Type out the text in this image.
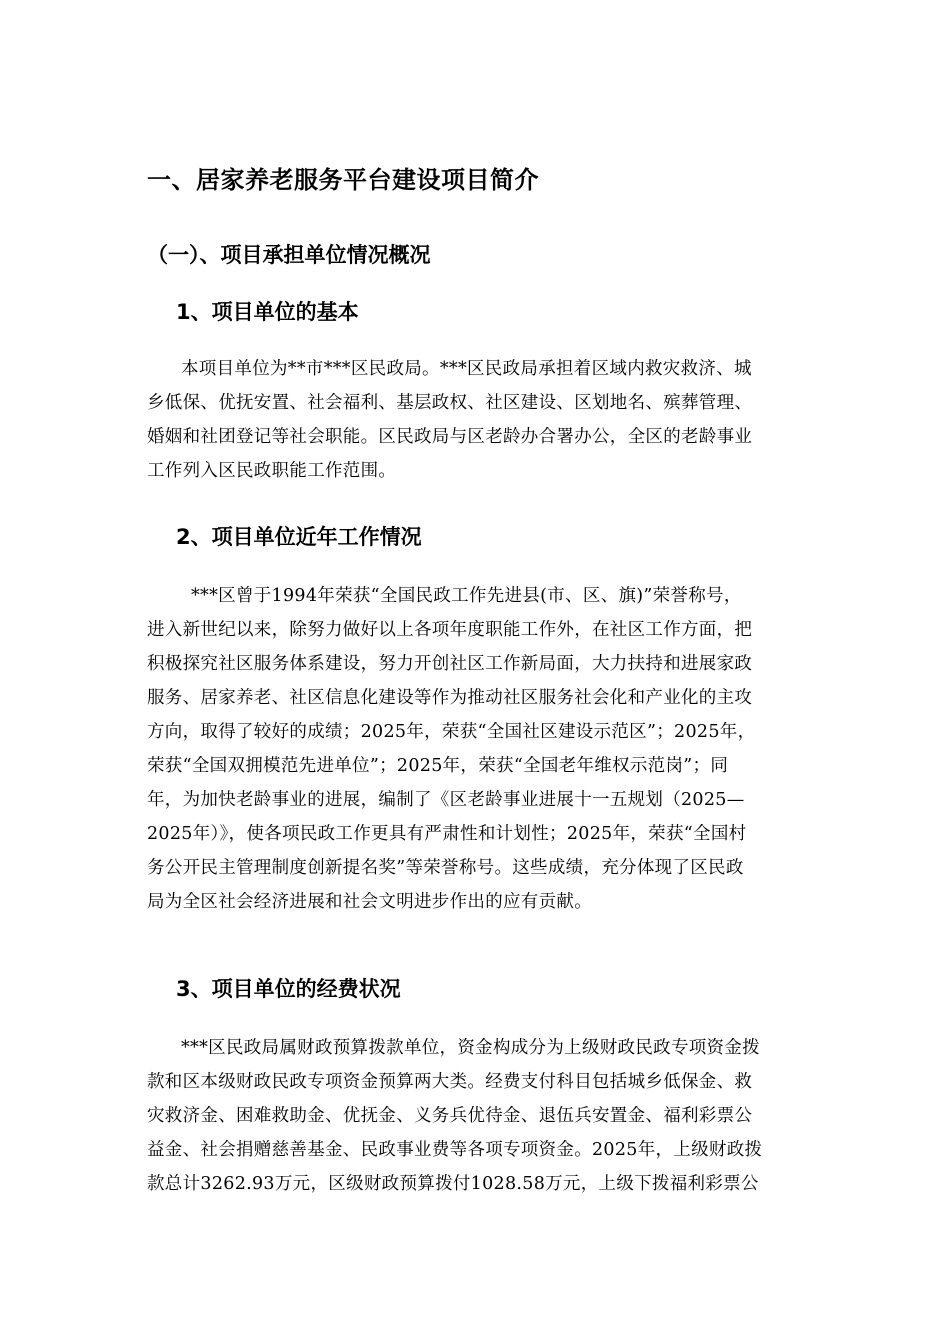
一、居家养老服务平台建设项目简介
（一）、项目承担单位情况概况
1、项目单位的基本
本项目单位为**市***区民政局。***区民政局承担着区域内救灾救济、城
乡低保、优抚安置、社会福利、基层政权、社区建设、区划地名、殡葬管理、
婚姻和社团登记等社会职能。区民政局与区老龄办合署办公，全区的老龄事业
工作列入区民政职能工作范围。
2、项目单位近年工作情况
***区曾于1994年荣获“全国民政工作先进县(市、区、旗)”荣誉称号，
进入新世纪以来，除努力做好以上各项年度职能工作外，在社区工作方面，把
积极探究社区服务体系建设，努力开创社区工作新局面，大力扶持和进展家政
服务、居家养老、社区信息化建设等作为推动社区服务社会化和产业化的主攻
方向，取得了较好的成绩；2025年，荣获“全国社区建设示范区”；2025年，
荣获“全国双拥模范先进单位”；2025年，荣获“全国老年维权示范岗”；同
年，为加快老龄事业的进展，编制了《区老龄事业进展十一五规划（2025—
2025年）》，使各项民政工作更具有严肃性和计划性；2025年，荣获“全国村
务公开民主管理制度创新提名奖”等荣誉称号。这些成绩，充分体现了区民政
局为全区社会经济进展和社会文明进步作出的应有贡献。
3、项目单位的经费状况
***区民政局属财政预算拨款单位，资金构成分为上级财政民政专项资金拨
款和区本级财政民政专项资金预算两大类。经费支付科目包括城乡低保金、救
灾救济金、困难救助金、优抚金、义务兵优待金、退伍兵安置金、福利彩票公
益金、社会捐赠慈善基金、民政事业费等各项专项资金。2025年，上级财政拨
款总计3262.93万元，区级财政预算拨付1028.58万元，上级下拨福利彩票公
